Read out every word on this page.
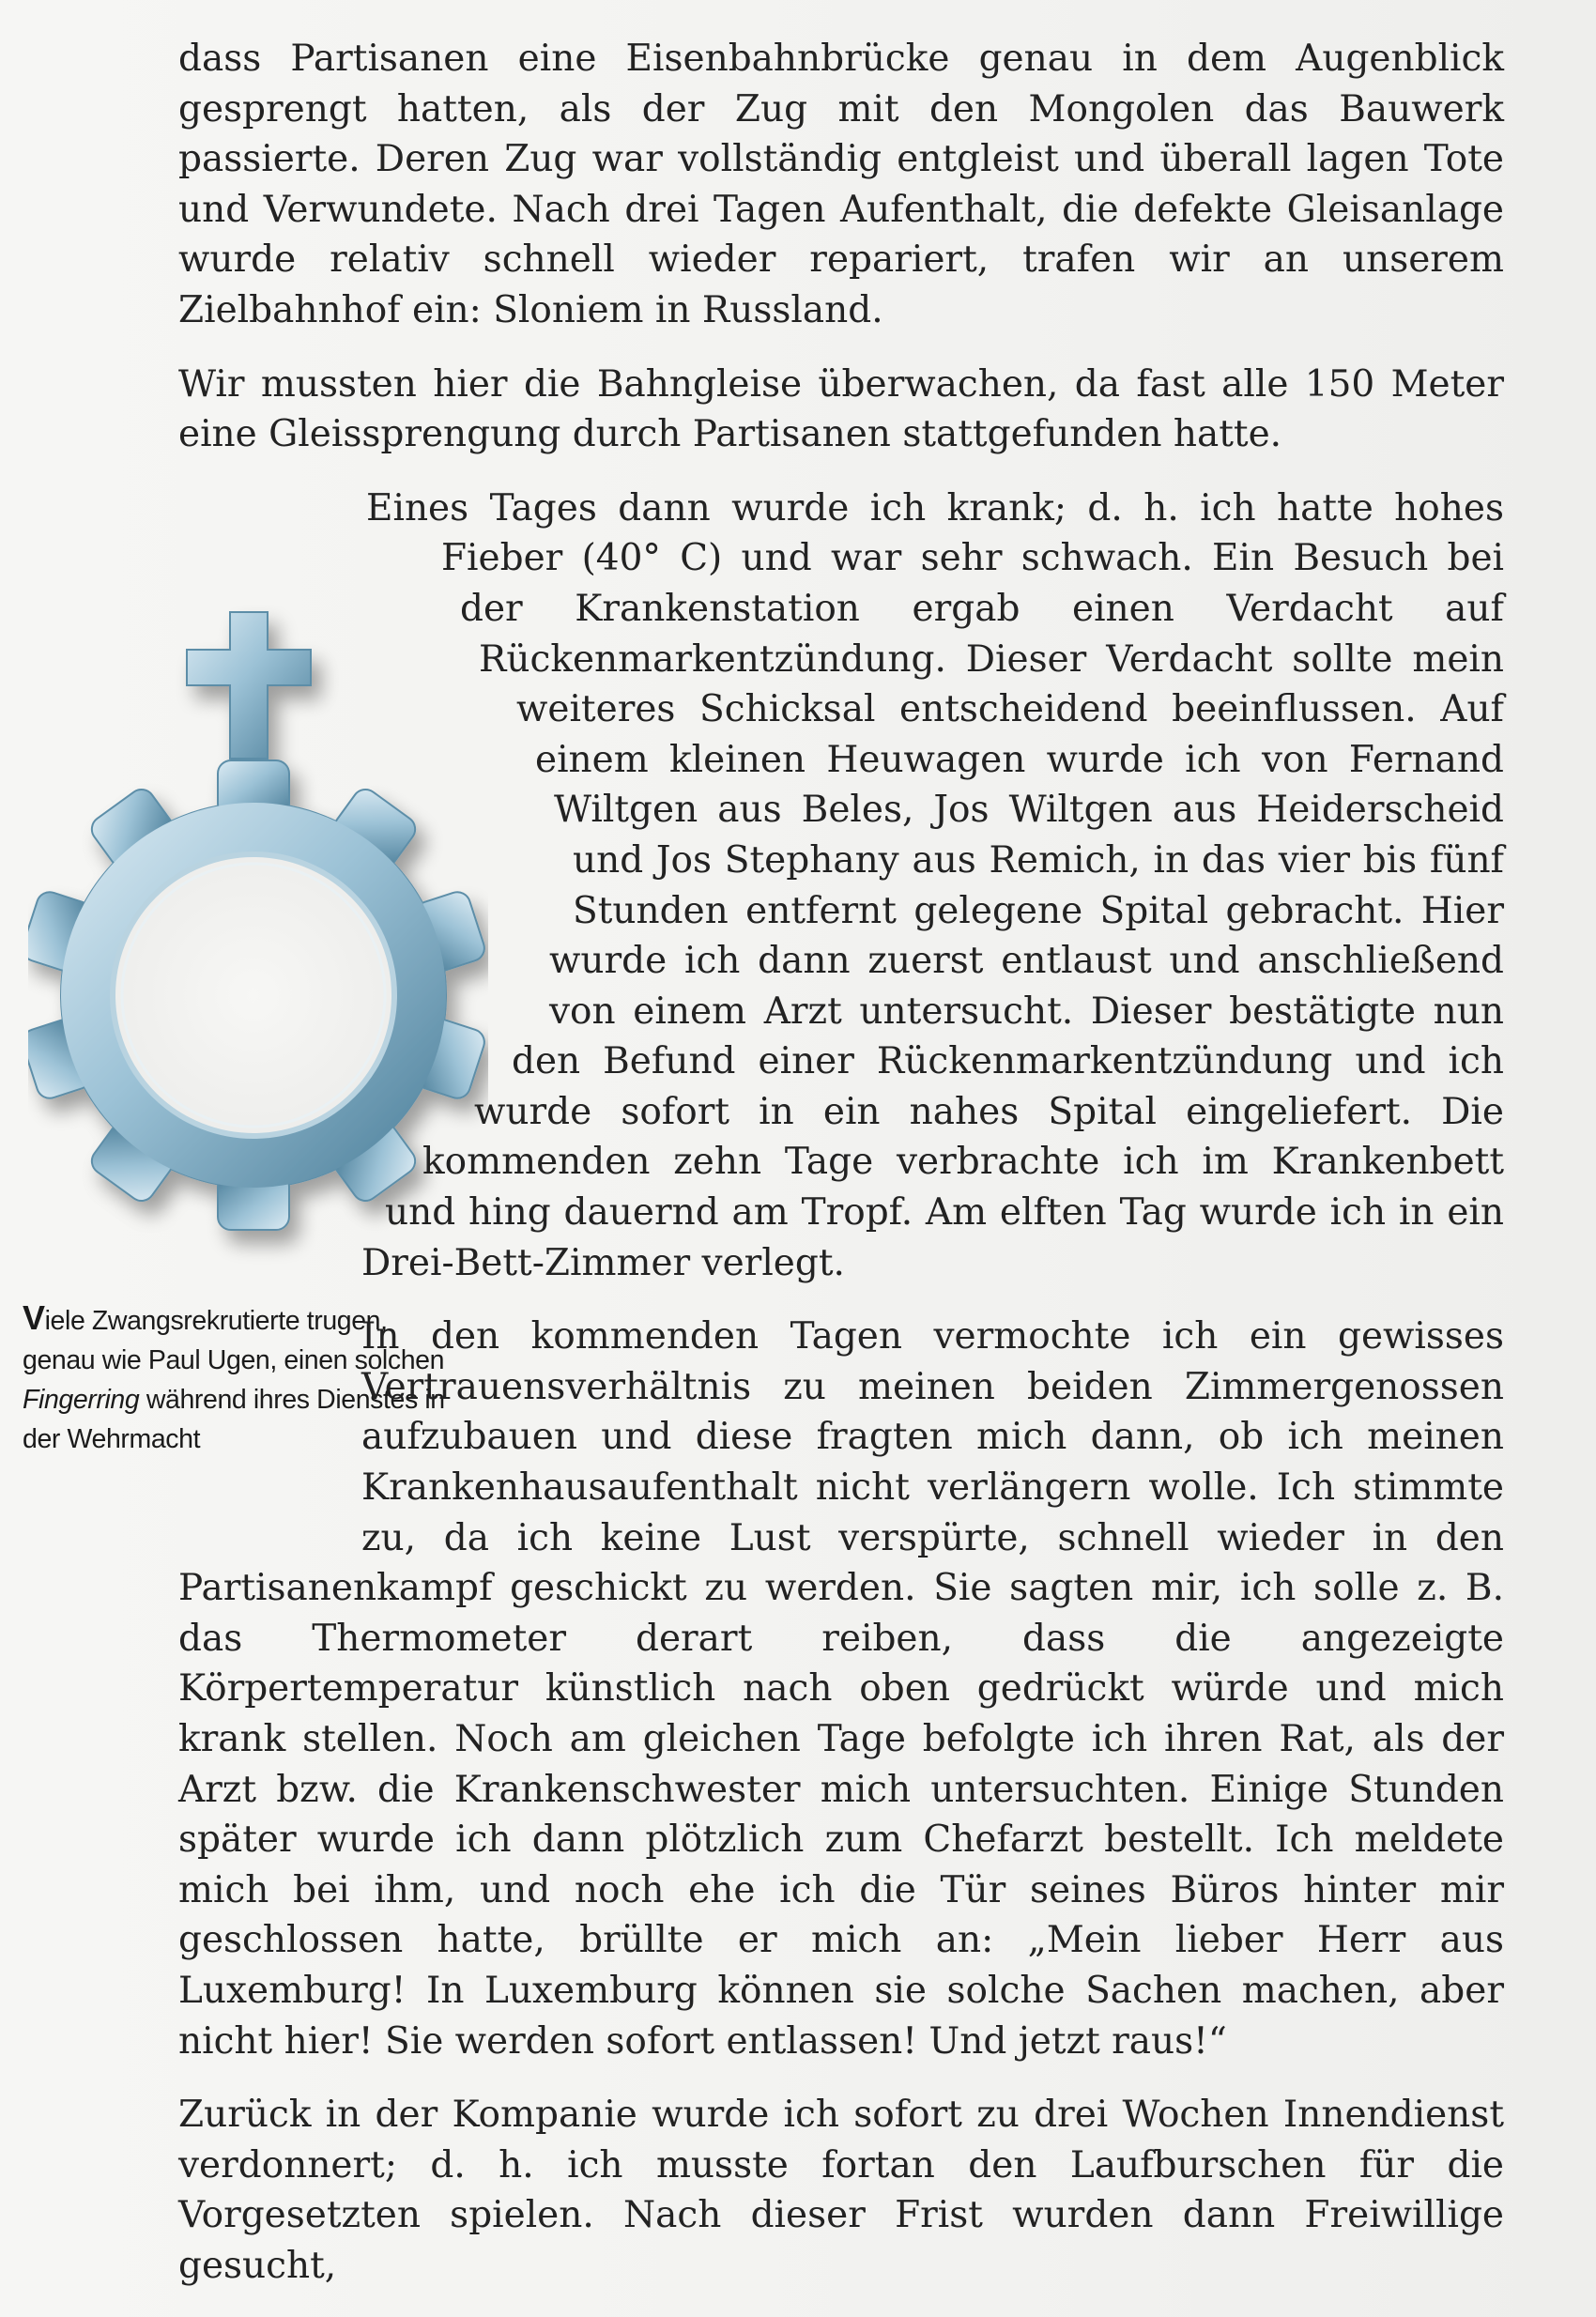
Viele Zwangsrekrutierte trugen, genau wie Paul Ugen, einen solchen Fingerring während ihres Dienstes in der Wehrmacht

dass Partisanen eine Eisenbahnbrücke genau in dem Augenblick gesprengt hatten, als der Zug mit den Mongolen das Bauwerk passierte. Deren Zug war vollständig entgleist und überall lagen Tote und Verwundete. Nach drei Tagen Aufenthalt, die defekte Gleisanlage wurde relativ schnell wieder repariert, trafen wir an unserem Zielbahnhof ein: Sloniem in Russland.

Wir mussten hier die Bahngleise überwachen, da fast alle 150 Meter eine Gleissprengung durch Partisanen stattgefunden hatte.

Eines Tages dann wurde ich krank; d. h. ich hatte hohes Fieber (40° C) und war sehr schwach. Ein Besuch bei der Krankenstation ergab einen Verdacht auf Rückenmarkentzündung. Dieser Verdacht sollte mein weiteres Schicksal entscheidend beeinflussen. Auf einem kleinen Heuwagen wurde ich von Fernand Wiltgen aus Beles, Jos Wiltgen aus Heiderscheid und Jos Stephany aus Remich, in das vier bis fünf Stunden entfernt gelegene Spital gebracht. Hier wurde ich dann zuerst entlaust und anschließend von einem Arzt untersucht. Dieser bestätigte nun den Befund einer Rückenmarkentzündung und ich wurde sofort in ein nahes Spital eingeliefert. Die kommenden zehn Tage verbrachte ich im Krankenbett und hing dauernd am Tropf. Am elften Tag wurde ich in ein Drei-Bett-Zimmer verlegt.

In den kommenden Tagen vermochte ich ein gewisses Vertrauensverhältnis zu meinen beiden Zimmergenossen aufzubauen und diese fragten mich dann, ob ich meinen Krankenhausaufenthalt nicht verlängern wolle. Ich stimmte zu, da ich keine Lust verspürte, schnell wieder in den Partisanenkampf geschickt zu werden. Sie sagten mir, ich solle z. B. das Thermometer derart reiben, dass die angezeigte Körpertemperatur künstlich nach oben gedrückt würde und mich krank stellen. Noch am gleichen Tage befolgte ich ihren Rat, als der Arzt bzw. die Krankenschwester mich untersuchten. Einige Stunden später wurde ich dann plötzlich zum Chefarzt bestellt. Ich meldete mich bei ihm, und noch ehe ich die Tür seines Büros hinter mir geschlossen hatte, brüllte er mich an: „Mein lieber Herr aus Luxemburg! In Luxemburg können sie solche Sachen machen, aber nicht hier! Sie werden sofort entlassen! Und jetzt raus!“

Zurück in der Kompanie wurde ich sofort zu drei Wochen Innendienst verdonnert; d. h. ich musste fortan den Laufburschen für die Vorgesetzten spielen. Nach dieser Frist wurden dann Freiwillige gesucht,
